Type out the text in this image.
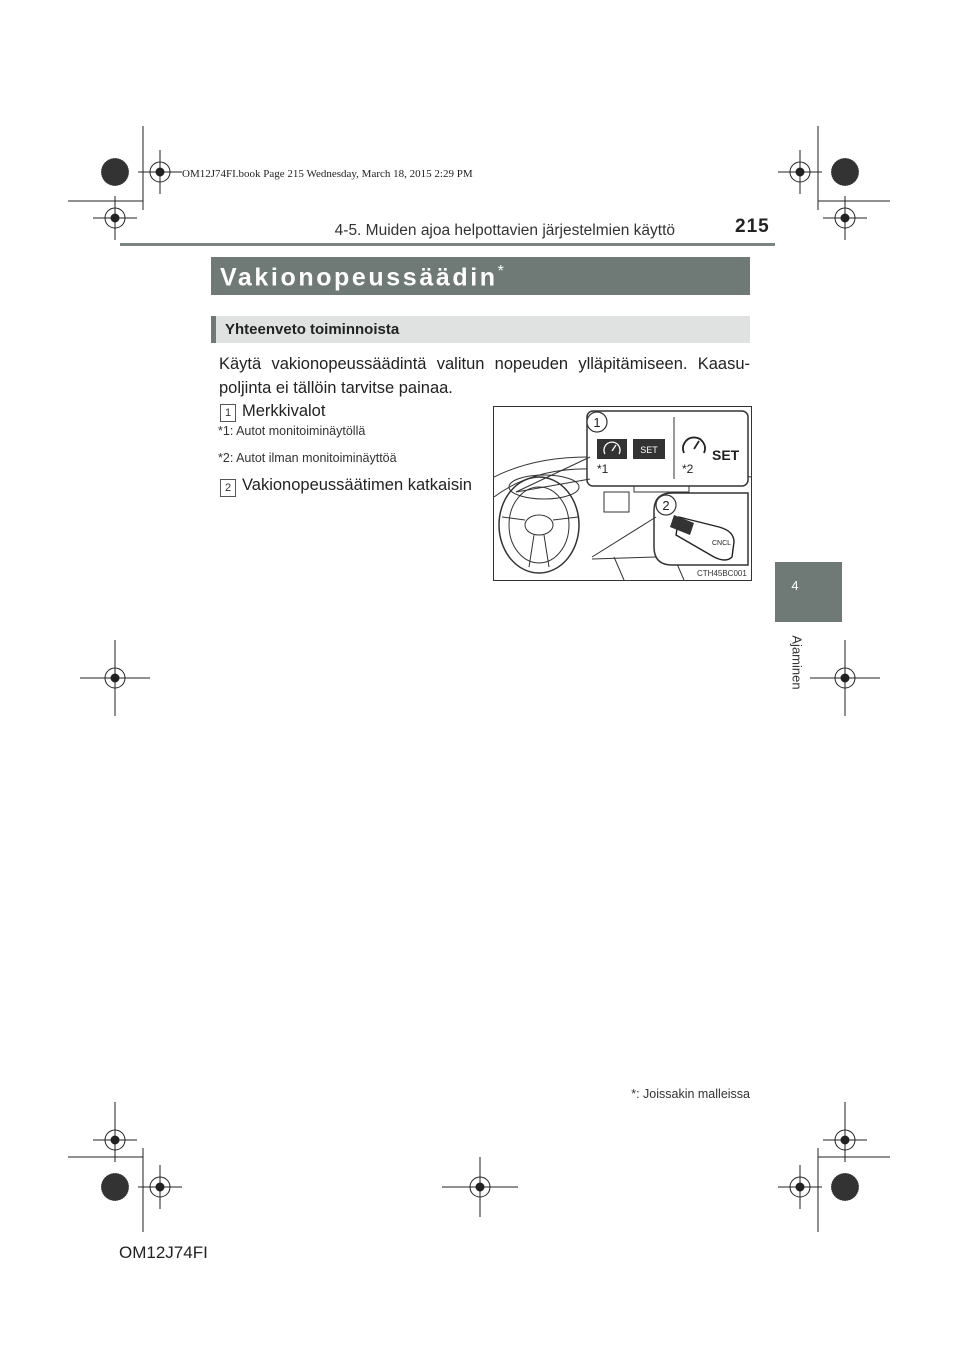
OM12J74FI.book Page 215 Wednesday, March 18, 2015 2:29 PM
4-5. Muiden ajoa helpottavien järjestelmien käyttö	215
4
Ajaminen
Vakionopeussäädin*
Yhteenveto toiminnoista
Käytä vakionopeussäädintä valitun nopeuden ylläpitämiseen. Kaasu-poljinta ei tällöin tarvitse painaa.
1 Merkkivalot
*1: Autot monitoiminäytöllä
*2: Autot ilman monitoiminäyttöä
2 Vakionopeussäätimen katkaisin
1
SET
*1
SET
*2
2
CNCL
CTH45BC001
*: Joissakin malleissa
OM12J74FI
